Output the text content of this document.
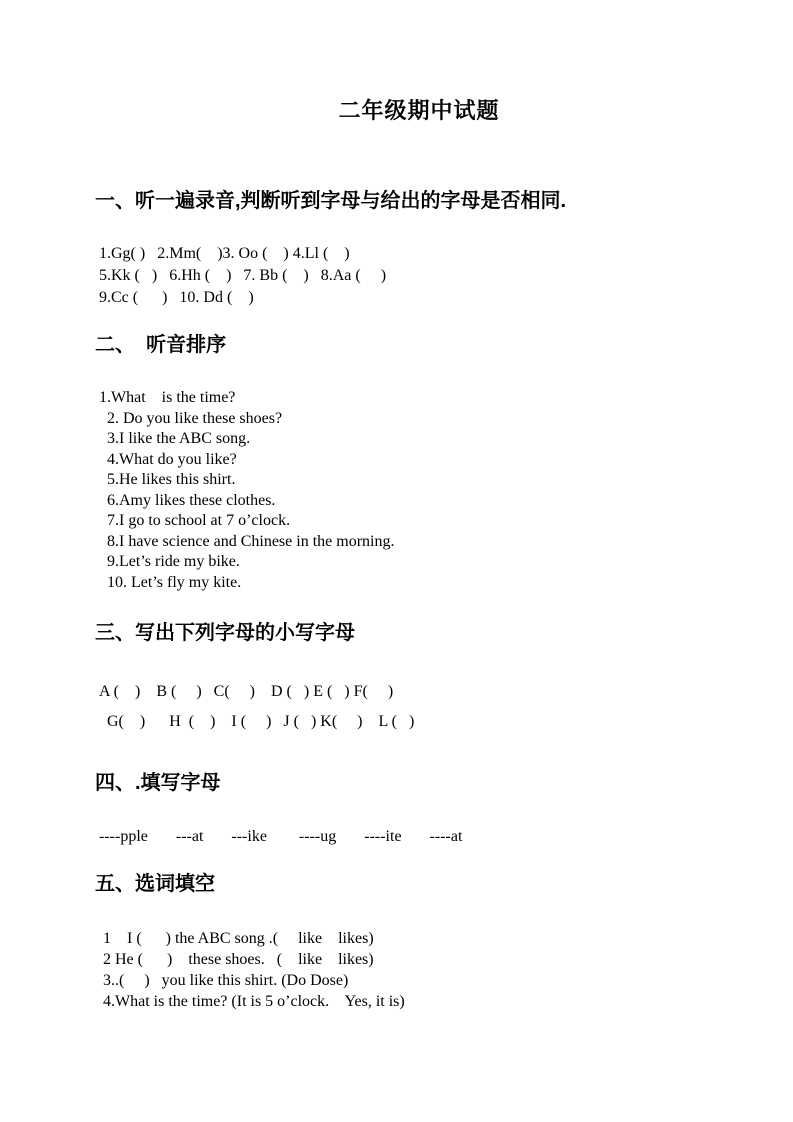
二年级期中试题
一、听一遍录音,判断听到字母与给出的字母是否相同.

1.Gg( )   2.Mm(    )3. Oo (    ) 4.Ll (    )

5.Kk (   )   6.Hh (    )   7. Bb (    )   8.Aa (     )

9.Cc (      )   10. Dd (    )

二、  听音排序

1.What    is the time?

2. Do you like these shoes?

3.I like the ABC song.

4.What do you like?

5.He likes this shirt.

6.Amy likes these clothes.

7.I go to school at 7 o’clock.

8.I have science and Chinese in the morning.

9.Let’s ride my bike.

10. Let’s fly my kite.

三、写出下列字母的小写字母

A (    )    B (     )   C(     )    D (   ) E (   ) F(     )

G(    )      H  (    )    I (     )   J (   ) K(     )    L (   )

四、.填写字母

----pple       ---at       ---ike        ----ug       ----ite       ----at

五、选词填空

1    I (      ) the ABC song .(     like    likes)

2 He (      )    these shoes.   (    like    likes)

3..(     )   you like this shirt. (Do Dose)

4.What is the time? (It is 5 o’clock.    Yes, it is)
